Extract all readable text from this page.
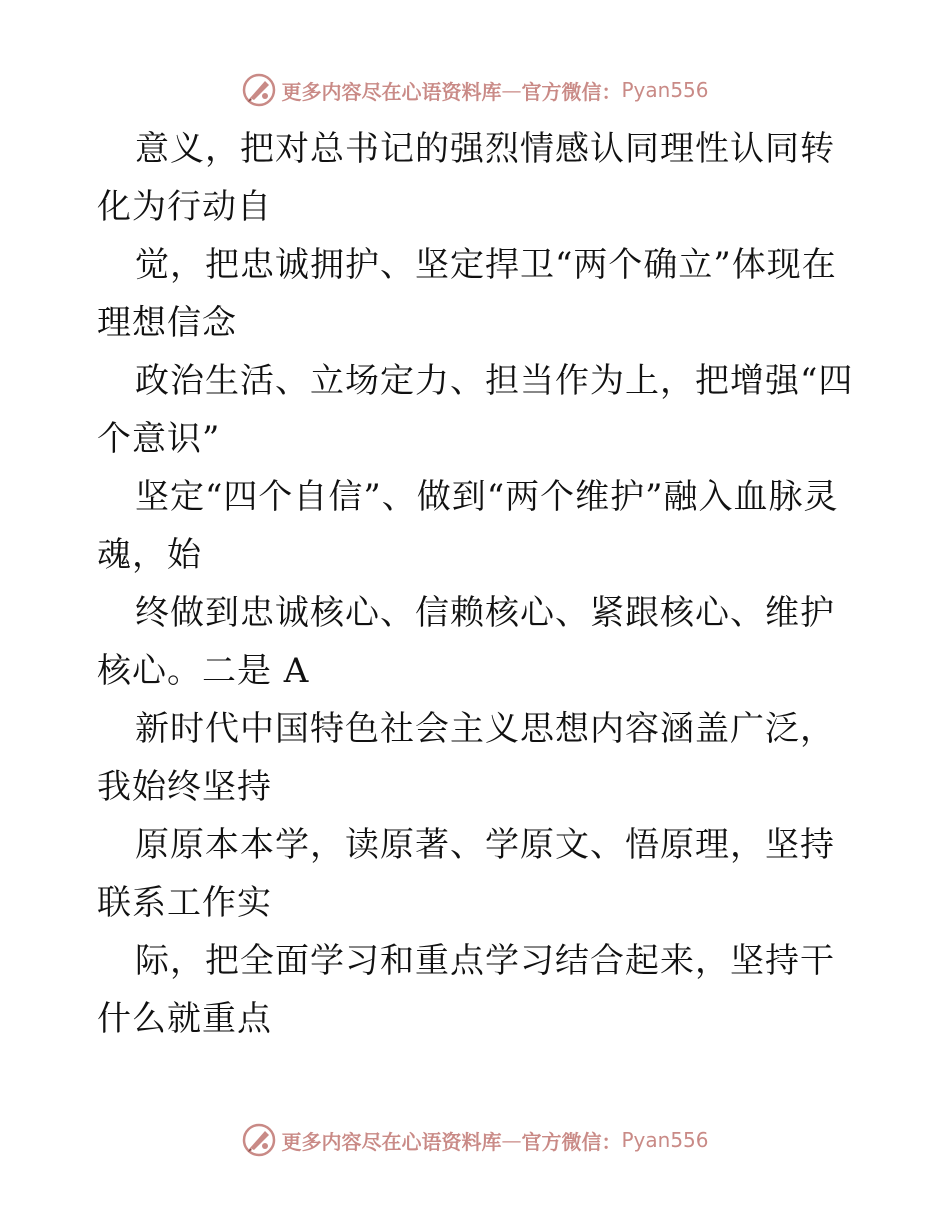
更多内容尽在心语资料库 — 官方微信： Pyan556

意义，把对总书记的强烈情感认同理性认同转化为行动自

觉，把忠诚拥护、坚定捍卫“两个确立”体现在理想信念

政治生活、立场定力、担当作为上，把增强“四个意识”

坚定“四个自信”、做到“两个维护”融入血脉灵魂，始

终做到忠诚核心、信赖核心、紧跟核心、维护核心。二是 A

新时代中国特色社会主义思想内容涵盖广泛，我始终坚持

原原本本学，读原著、学原文、悟原理，坚持联系工作实

际，把全面学习和重点学习结合起来，坚持干什么就重点

更多内容尽在心语资料库 — 官方微信： Pyan556
